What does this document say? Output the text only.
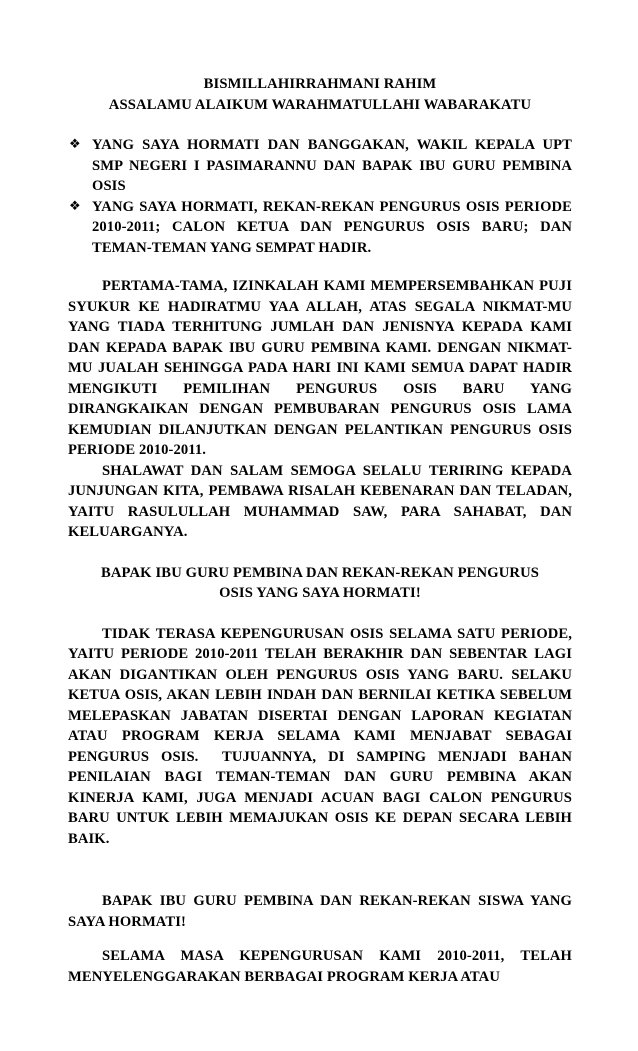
BISMILLAHIRRAHMANI RAHIM
ASSALAMU ALAIKUM WARAHMATULLAHI WABARAKATU
❖ YANG SAYA HORMATI DAN BANGGAKAN, WAKIL KEPALA UPT SMP NEGERI I PASIMARANNU DAN BAPAK IBU GURU PEMBINA OSIS
❖ YANG SAYA HORMATI, REKAN-REKAN PENGURUS OSIS PERIODE 2010-2011; CALON KETUA DAN PENGURUS OSIS BARU; DAN TEMAN-TEMAN YANG SEMPAT HADIR.

PERTAMA-TAMA, IZINKALAH KAMI MEMPERSEMBAHKAN PUJI SYUKUR KE HADIRATMU YAA ALLAH, ATAS SEGALA NIKMAT-MU YANG TIADA TERHITUNG JUMLAH DAN JENISNYA KEPADA KAMI DAN KEPADA BAPAK IBU GURU PEMBINA KAMI. DENGAN NIKMAT-MU JUALAH SEHINGGA PADA HARI INI KAMI SEMUA DAPAT HADIR MENGIKUTI PEMILIHAN PENGURUS OSIS BARU YANG DIRANGKAIKAN DENGAN PEMBUBARAN PENGURUS OSIS LAMA KEMUDIAN DILANJUTKAN DENGAN PELANTIKAN PENGURUS OSIS PERIODE 2010-2011.

SHALAWAT DAN SALAM SEMOGA SELALU TERIRING KEPADA JUNJUNGAN KITA, PEMBAWA RISALAH KEBENARAN DAN TELADAN, YAITU RASULULLAH MUHAMMAD SAW, PARA SAHABAT, DAN KELUARGANYA.

BAPAK IBU GURU PEMBINA DAN REKAN-REKAN PENGURUS
OSIS YANG SAYA HORMATI!

TIDAK TERASA KEPENGURUSAN OSIS SELAMA SATU PERIODE, YAITU PERIODE 2010-2011 TELAH BERAKHIR DAN SEBENTAR LAGI AKAN DIGANTIKAN OLEH PENGURUS OSIS YANG BARU. SELAKU KETUA OSIS, AKAN LEBIH INDAH DAN BERNILAI KETIKA SEBELUM MELEPASKAN JABATAN DISERTAI DENGAN LAPORAN KEGIATAN ATAU PROGRAM KERJA SELAMA KAMI MENJABAT SEBAGAI PENGURUS OSIS.  TUJUANNYA, DI SAMPING MENJADI BAHAN PENILAIAN BAGI TEMAN-TEMAN DAN GURU PEMBINA AKAN KINERJA KAMI, JUGA MENJADI ACUAN BAGI CALON PENGURUS BARU UNTUK LEBIH MEMAJUKAN OSIS KE DEPAN SECARA LEBIH BAIK.

BAPAK IBU GURU PEMBINA DAN REKAN-REKAN SISWA YANG SAYA HORMATI!

SELAMA MASA KEPENGURUSAN KAMI 2010-2011, TELAH MENYELENGGARAKAN BERBAGAI PROGRAM KERJA ATAU
